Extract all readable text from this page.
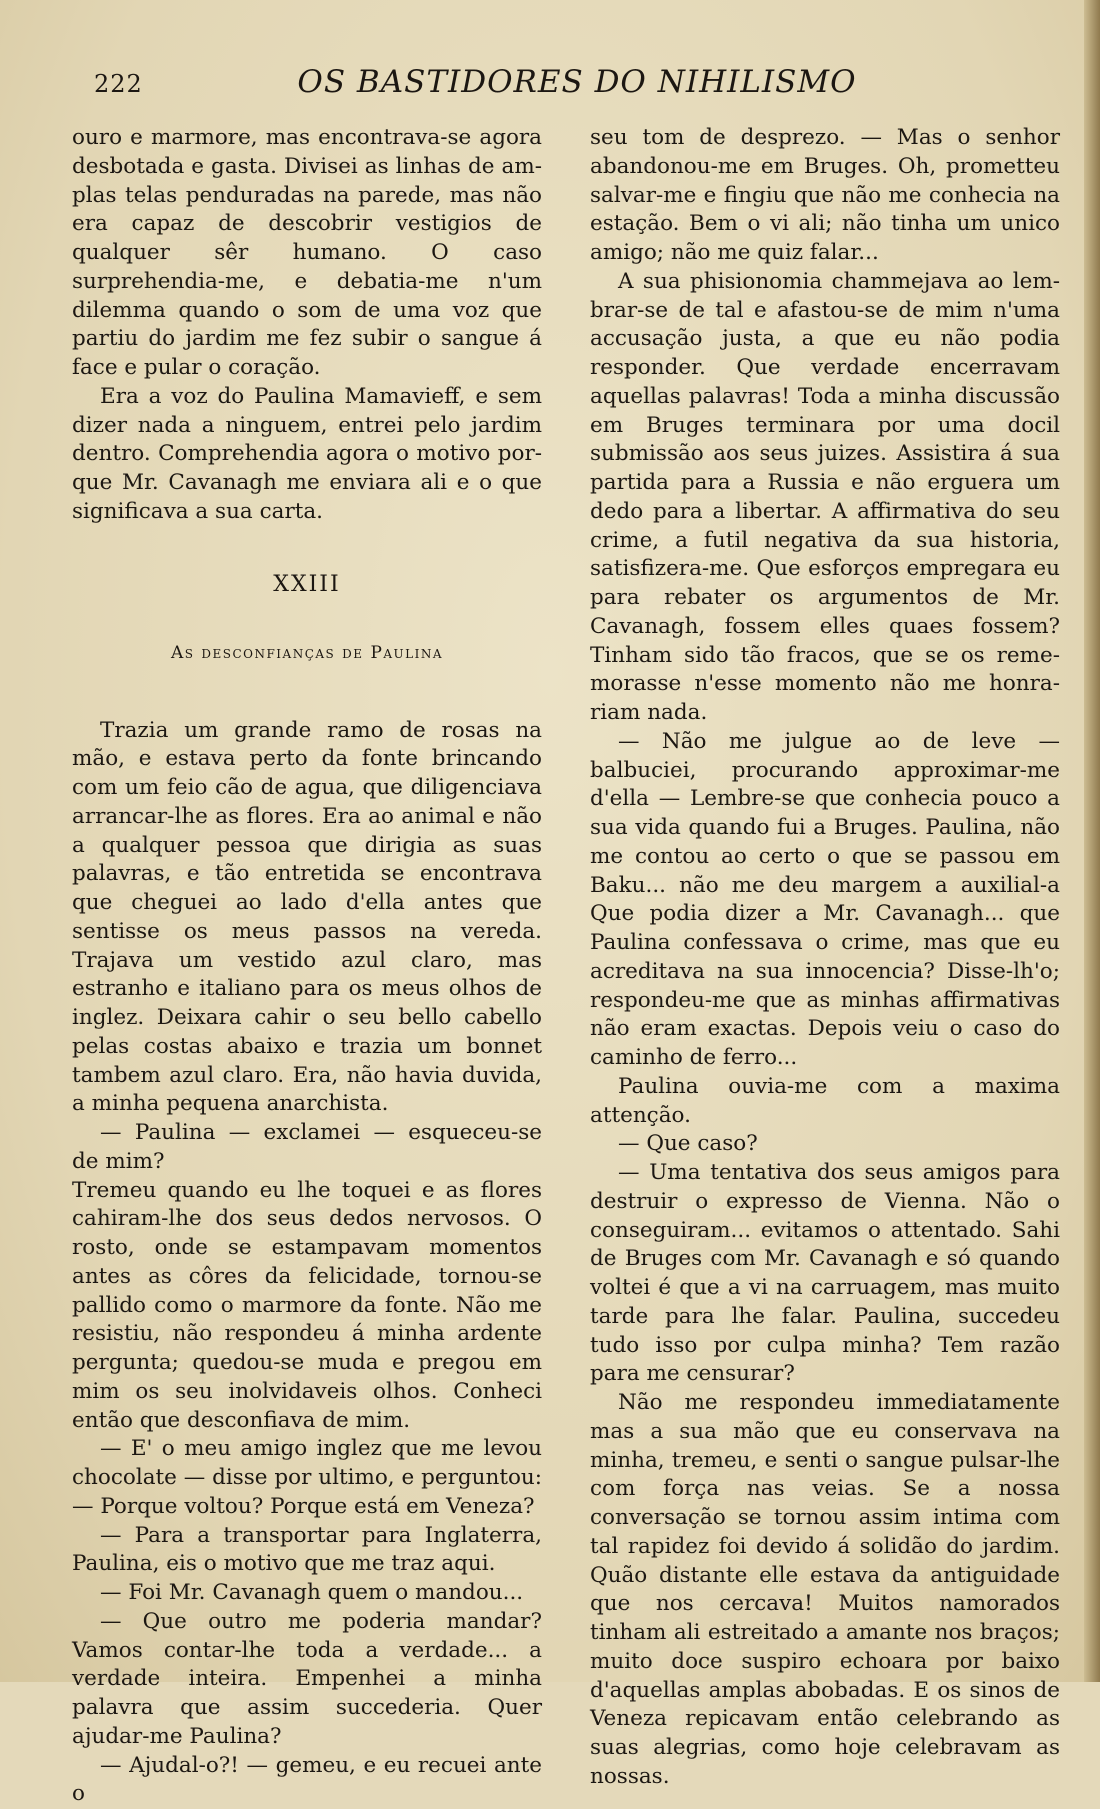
222	OS BASTIDORES DO NIHILISMO

ouro e marmore, mas encontrava-se agora desbotada e gasta. Divisei as linhas de amplas telas penduradas na parede, mas não era capaz de descobrir vestigios de qualquer sêr humano. O caso surprehendia-me, e debatia-me n'um dilemma quando o som de uma voz que partiu do jardim me fez subir o sangue á face e pular o coração.

Era a voz do Paulina Mamavieff, e sem dizer nada a ninguem, entrei pelo jardim dentro. Comprehendia agora o motivo porque Mr. Cavanagh me enviara ali e o que significava a sua carta.

XXIII
As desconfianças de Paulina

Trazia um grande ramo de rosas na mão, e estava perto da fonte brincando com um feio cão de agua, que diligenciava arrancar-lhe as flores. Era ao animal e não a qualquer pessoa que dirigia as suas palavras, e tão entretida se encontrava que cheguei ao lado d'ella antes que sentisse os meus passos na vereda. Trajava um vestido azul claro, mas estranho e italiano para os meus olhos de inglez. Deixara cahir o seu bello cabello pelas costas abaixo e trazia um bonnet tambem azul claro. Era, não havia duvida, a minha pequena anarchista.

— Paulina — exclamei — esqueceu-se de mim?

Tremeu quando eu lhe toquei e as flores cahiram-lhe dos seus dedos nervosos. O rosto, onde se estampavam momentos antes as côres da felicidade, tornou-se pallido como o marmore da fonte. Não me resistiu, não respondeu á minha ardente pergunta; quedou-se muda e pregou em mim os seu inolvidaveis olhos. Conheci então que desconfiava de mim.

— E' o meu amigo inglez que me levou chocolate — disse por ultimo, e perguntou: — Porque voltou? Porque está em Veneza?

— Para a transportar para Inglaterra, Paulina, eis o motivo que me traz aqui.

— Foi Mr. Cavanagh quem o mandou...

— Que outro me poderia mandar? Vamos contar-lhe toda a verdade... a verdade inteira. Empenhei a minha palavra que assim succederia. Quer ajudar-me Paulina?

— Ajudal-o?! — gemeu, e eu recuei ante o

seu tom de desprezo. — Mas o senhor abandonou-me em Bruges. Oh, prometteu salvar-me e fingiu que não me conhecia na estação. Bem o vi ali; não tinha um unico amigo; não me quiz falar...

A sua phisionomia chammejava ao lembrar-se de tal e afastou-se de mim n'uma accusação justa, a que eu não podia responder. Que verdade encerravam aquellas palavras! Toda a minha discussão em Bruges terminara por uma docil submissão aos seus juizes. Assistira á sua partida para a Russia e não erguera um dedo para a libertar. A affirmativa do seu crime, a futil negativa da sua historia, satisfizera-me. Que esforços empregara eu para rebater os argumentos de Mr. Cavanagh, fossem elles quaes fossem? Tinham sido tão fracos, que se os rememorasse n'esse momento não me honrariam nada.

— Não me julgue ao de leve — balbuciei, procurando approximar-me d'ella — Lembre-se que conhecia pouco a sua vida quando fui a Bruges. Paulina, não me contou ao certo o que se passou em Baku... não me deu margem a auxilial-a Que podia dizer a Mr. Cavanagh... que Paulina confessava o crime, mas que eu acreditava na sua innocencia? Disse-lh'o; respondeu-me que as minhas affirmativas não eram exactas. Depois veiu o caso do caminho de ferro...

Paulina ouvia-me com a maxima attenção.

— Que caso?

— Uma tentativa dos seus amigos para destruir o expresso de Vienna. Não o conseguiram... evitamos o attentado. Sahi de Bruges com Mr. Cavanagh e só quando voltei é que a vi na carruagem, mas muito tarde para lhe falar. Paulina, succedeu tudo isso por culpa minha? Tem razão para me censurar?

Não me respondeu immediatamente mas a sua mão que eu conservava na minha, tremeu, e senti o sangue pulsar-lhe com força nas veias. Se a nossa conversação se tornou assim intima com tal rapidez foi devido á solidão do jardim. Quão distante elle estava da antiguidade que nos cercava! Muitos namorados tinham ali estreitado a amante nos braços; muito doce suspiro echoara por baixo d'aquellas amplas abobadas. E os sinos de Veneza repicavam então celebrando as suas alegrias, como hoje celebravam as nossas.
